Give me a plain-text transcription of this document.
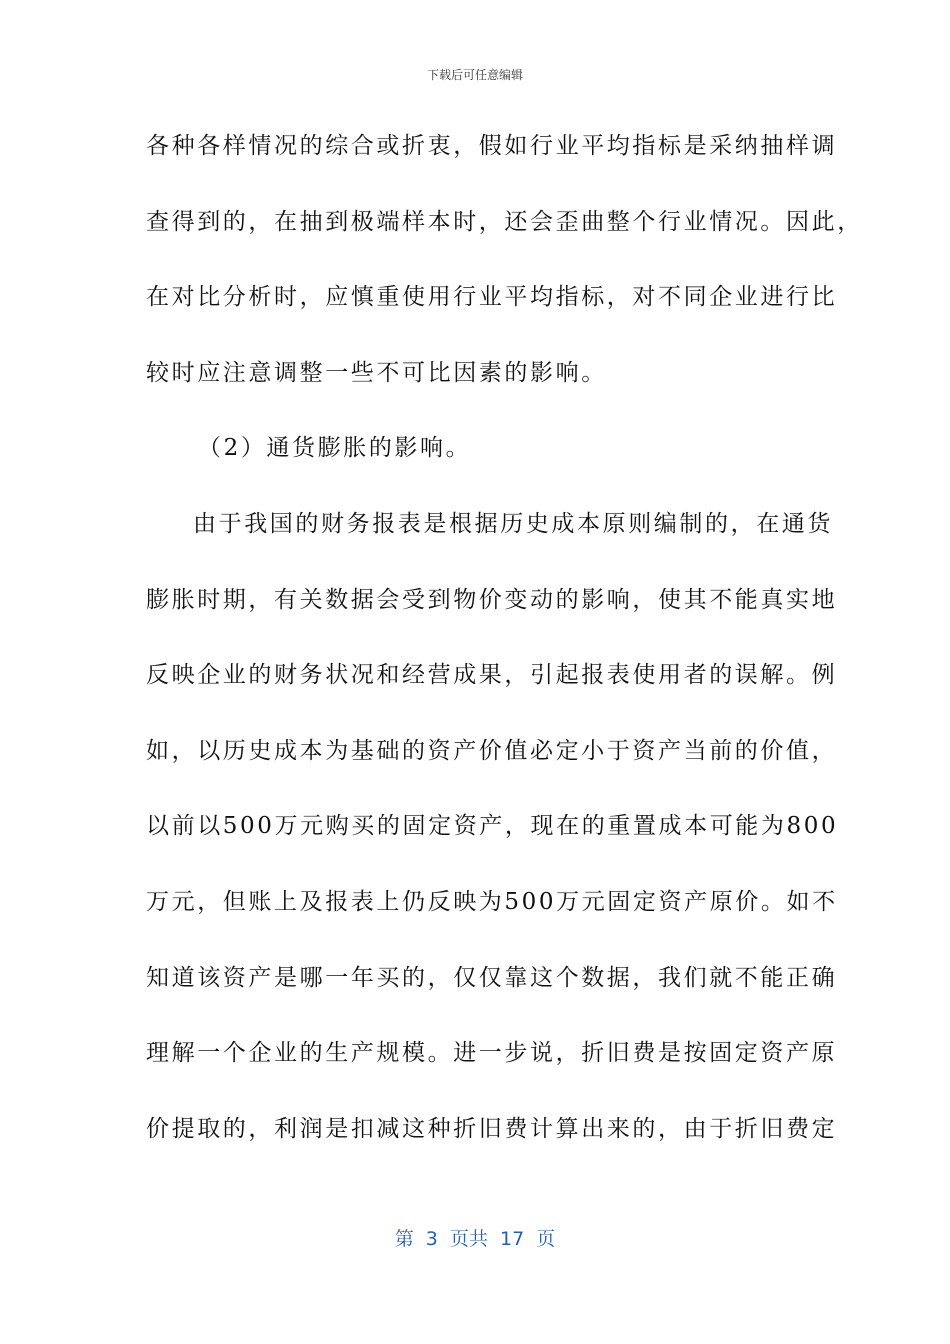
下载后可任意编辑
各种各样情况的综合或折衷，假如行业平均指标是采纳抽样调
查得到的，在抽到极端样本时，还会歪曲整个行业情况。因此，
在对比分析时，应慎重使用行业平均指标，对不同企业进行比
较时应注意调整一些不可比因素的影响。
（2）通货膨胀的影响。
由于我国的财务报表是根据历史成本原则编制的，在通货
膨胀时期，有关数据会受到物价变动的影响，使其不能真实地
反映企业的财务状况和经营成果，引起报表使用者的误解。例
如，以历史成本为基础的资产价值必定小于资产当前的价值，
以前以500万元购买的固定资产，现在的重置成本可能为800
万元，但账上及报表上仍反映为500万元固定资产原价。如不
知道该资产是哪一年买的，仅仅靠这个数据，我们就不能正确
理解一个企业的生产规模。进一步说，折旧费是按固定资产原
价提取的，利润是扣减这种折旧费计算出来的，由于折旧费定
第  3  页共  17  页
